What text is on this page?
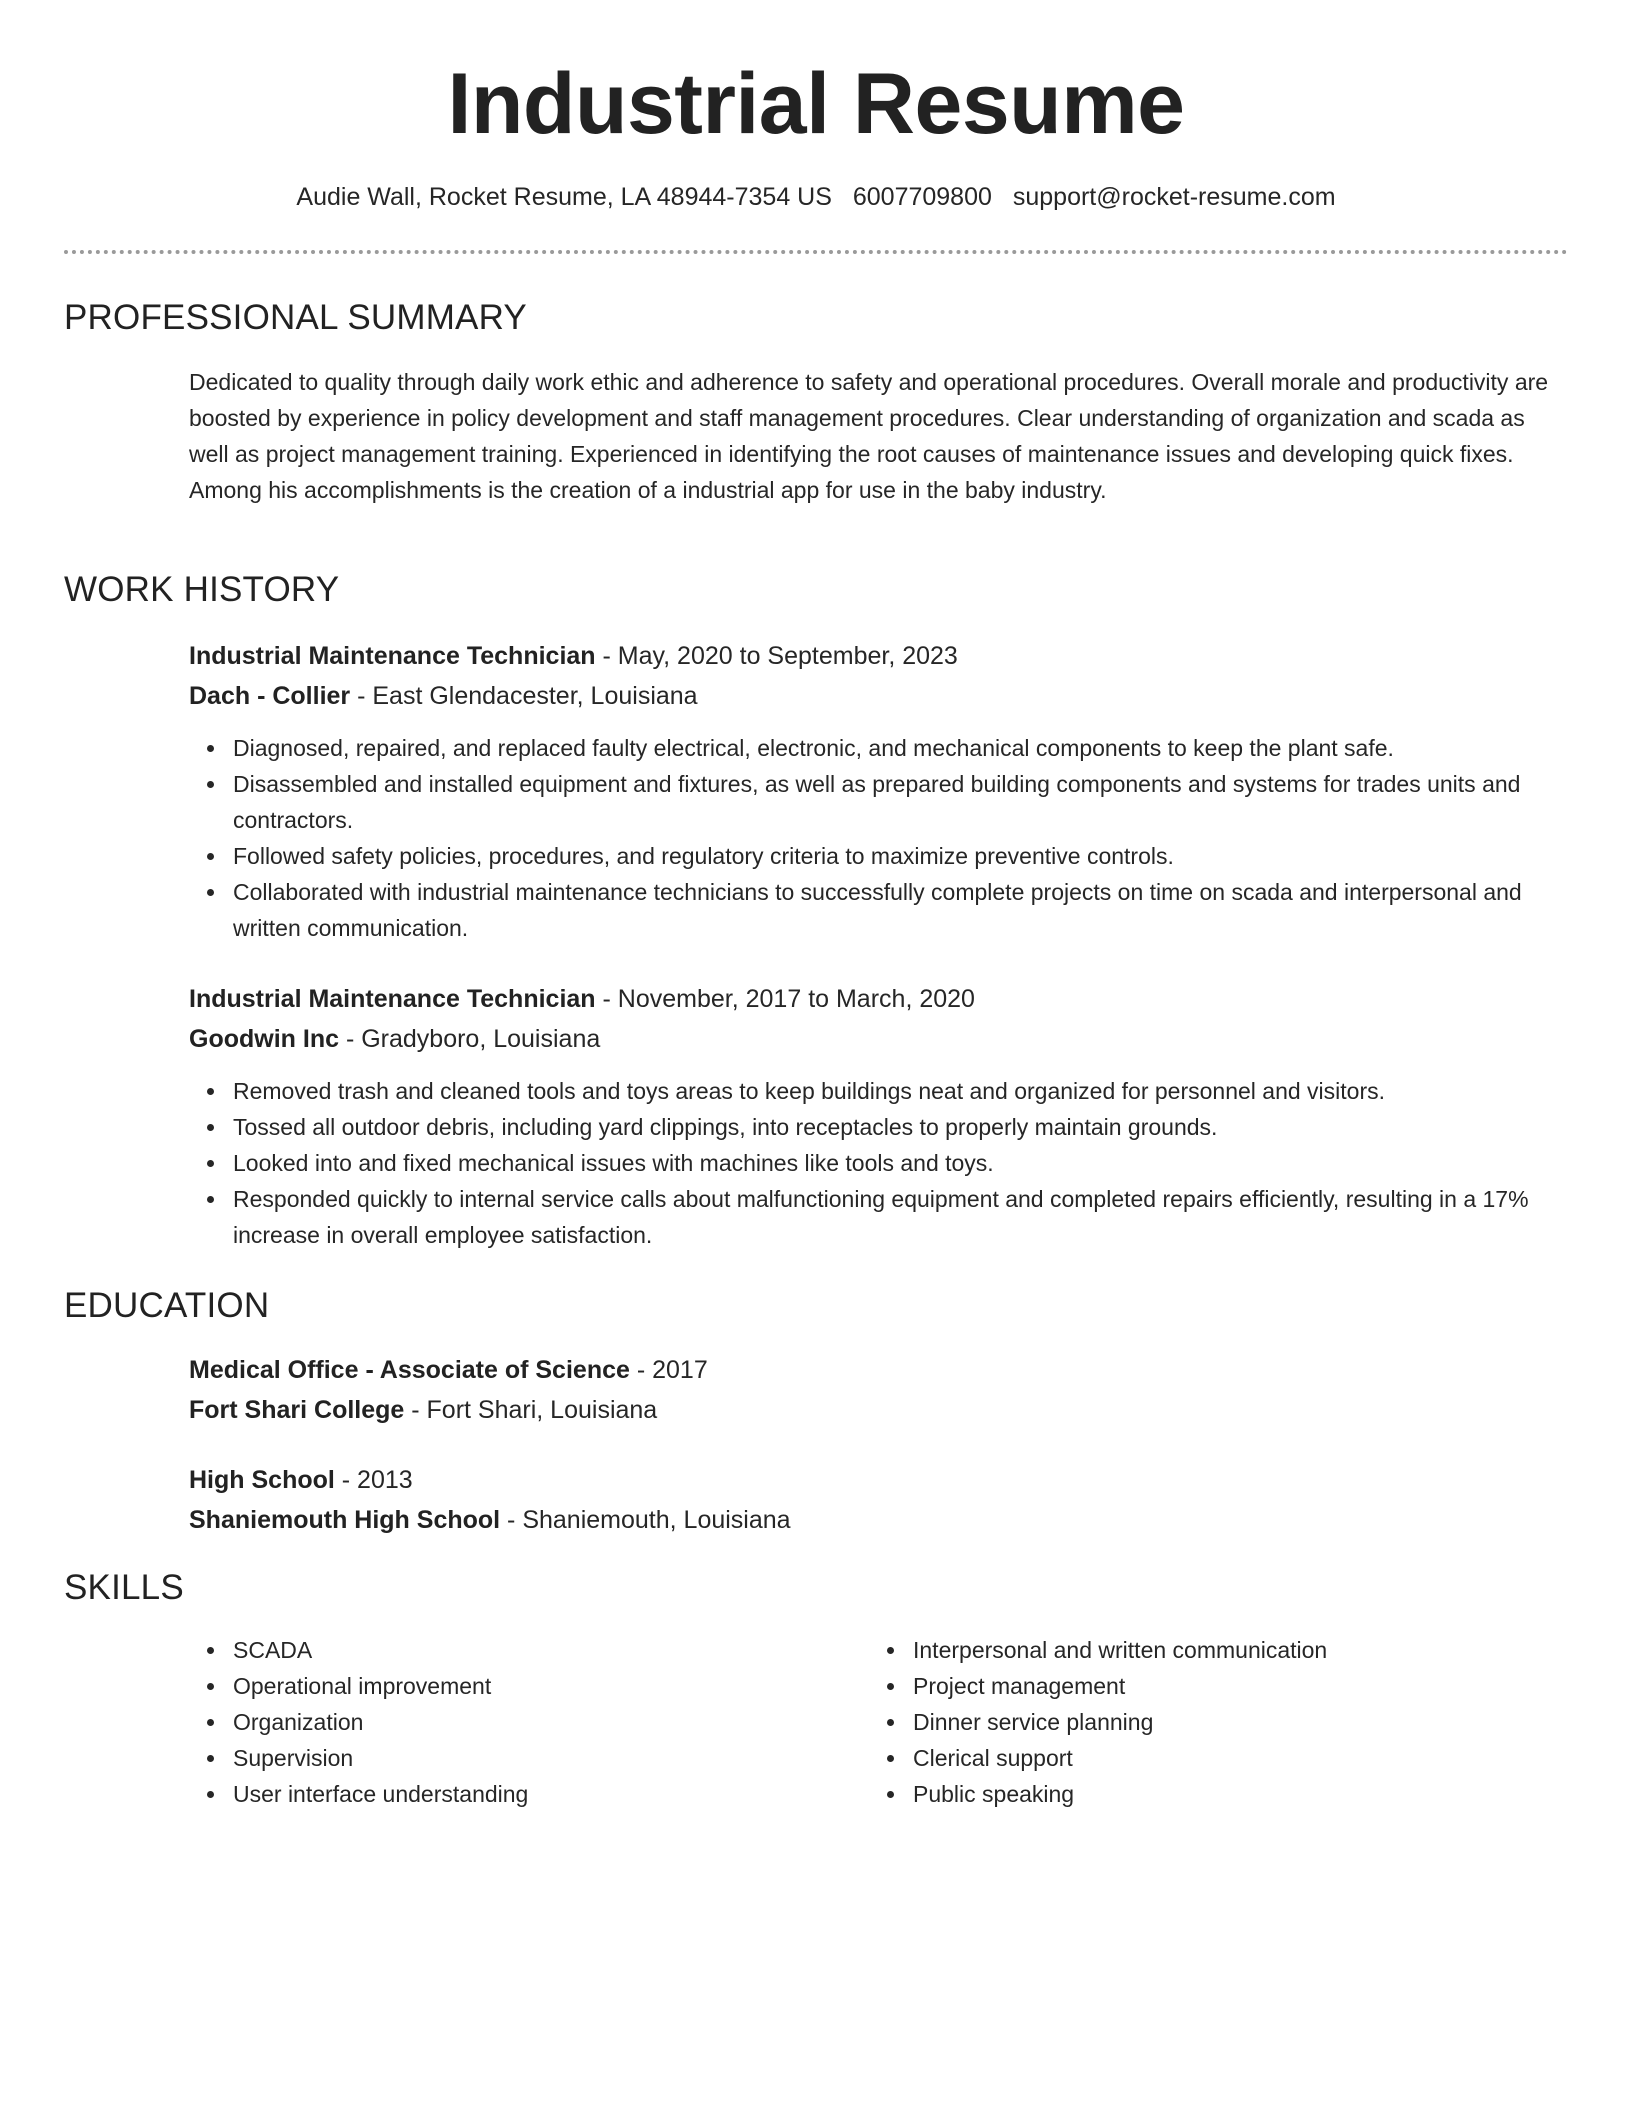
Industrial Resume
Audie Wall, Rocket Resume, LA 48944-7354 US 6007709800 support@rocket-resume.com
PROFESSIONAL SUMMARY
Dedicated to quality through daily work ethic and adherence to safety and operational procedures. Overall morale and productivity are boosted by experience in policy development and staff management procedures. Clear understanding of organization and scada as well as project management training. Experienced in identifying the root causes of maintenance issues and developing quick fixes. Among his accomplishments is the creation of a industrial app for use in the baby industry.
WORK HISTORY
Industrial Maintenance Technician - May, 2020 to September, 2023
Dach - Collier - East Glendacester, Louisiana
Diagnosed, repaired, and replaced faulty electrical, electronic, and mechanical components to keep the plant safe.
Disassembled and installed equipment and fixtures, as well as prepared building components and systems for trades units and contractors.
Followed safety policies, procedures, and regulatory criteria to maximize preventive controls.
Collaborated with industrial maintenance technicians to successfully complete projects on time on scada and interpersonal and written communication.
Industrial Maintenance Technician - November, 2017 to March, 2020
Goodwin Inc - Gradyboro, Louisiana
Removed trash and cleaned tools and toys areas to keep buildings neat and organized for personnel and visitors.
Tossed all outdoor debris, including yard clippings, into receptacles to properly maintain grounds.
Looked into and fixed mechanical issues with machines like tools and toys.
Responded quickly to internal service calls about malfunctioning equipment and completed repairs efficiently, resulting in a 17% increase in overall employee satisfaction.
EDUCATION
Medical Office - Associate of Science - 2017
Fort Shari College - Fort Shari, Louisiana
High School - 2013
Shaniemouth High School - Shaniemouth, Louisiana
SKILLS
SCADA
Operational improvement
Organization
Supervision
User interface understanding
Interpersonal and written communication
Project management
Dinner service planning
Clerical support
Public speaking
